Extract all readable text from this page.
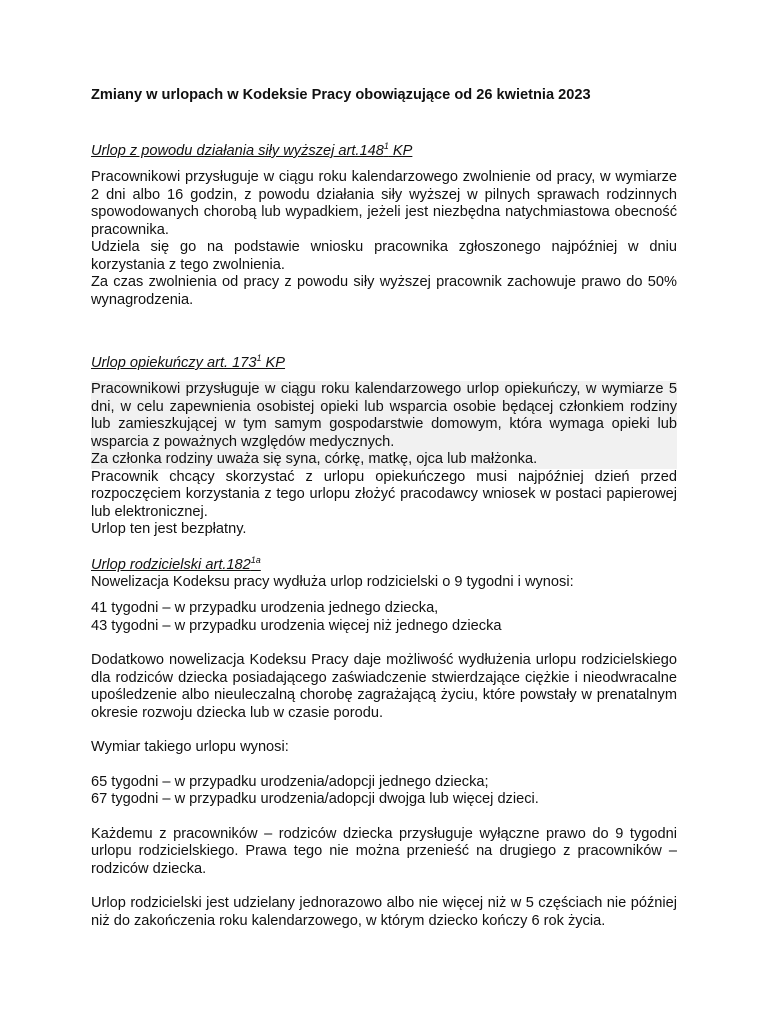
Zmiany w urlopach w Kodeksie Pracy obowiązujące od 26 kwietnia 2023
Urlop z powodu działania siły wyższej art.148$^1$ KP

Pracownikowi przysługuje w ciągu roku kalendarzowego zwolnienie od pracy, w wymiarze 2 dni albo 16 godzin, z powodu działania siły wyższej w pilnych sprawach rodzinnych spowodowanych chorobą lub wypadkiem, jeżeli jest niezbędna natychmiastowa obecność pracownika.

Udziela się go na podstawie wniosku pracownika zgłoszonego najpóźniej w dniu korzystania z tego zwolnienia.

Za czas zwolnienia od pracy z powodu siły wyższej pracownik zachowuje prawo do 50% wynagrodzenia.

Urlop opiekuńczy art. $173^1$ KP

Pracownikowi przysługuje w ciągu roku kalendarzowego urlop opiekuńczy, w wymiarze 5 dni, w celu zapewnienia osobistej opieki lub wsparcia osobie będącej członkiem rodziny lub zamieszkującej w tym samym gospodarstwie domowym, która wymaga opieki lub wsparcia z poważnych względów medycznych.

Za członka rodziny uważa się syna, córkę, matkę, ojca lub małżonka.

Pracownik chcący skorzystać z urlopu opiekuńczego musi najpóźniej dzień przed rozpoczęciem korzystania z tego urlopu złożyć pracodawcy wniosek w postaci papierowej lub elektronicznej.

Urlop ten jest bezpłatny.

Urlop rodzicielski $art.182^{1a}$

Nowelizacja Kodeksu pracy wydłuża urlop rodzicielski o 9 tygodni i wynosi:

41 tygodni – w przypadku urodzenia jednego dziecka,

43 tygodni – w przypadku urodzenia więcej niż jednego dziecka

Dodatkowo nowelizacja Kodeksu Pracy daje możliwość wydłużenia urlopu rodzicielskiego dla rodziców dziecka posiadającego zaświadczenie stwierdzające ciężkie i nieodwracalne upośledzenie albo nieuleczalną chorobę zagrażającą życiu, które powstały w prenatalnym okresie rozwoju dziecka lub w czasie porodu.

Wymiar takiego urlopu wynosi:

65 tygodni – w przypadku urodzenia/adopcji jednego dziecka;

67 tygodni – w przypadku urodzenia/adopcji dwojga lub więcej dzieci.

Każdemu z pracowników – rodziców dziecka przysługuje wyłączne prawo do 9 tygodni urlopu rodzicielskiego. Prawa tego nie można przenieść na drugiego z pracowników – rodziców dziecka.

Urlop rodzicielski jest udzielany jednorazowo albo nie więcej niż w 5 częściach nie później niż do zakończenia roku kalendarzowego, w którym dziecko kończy 6 rok życia.
